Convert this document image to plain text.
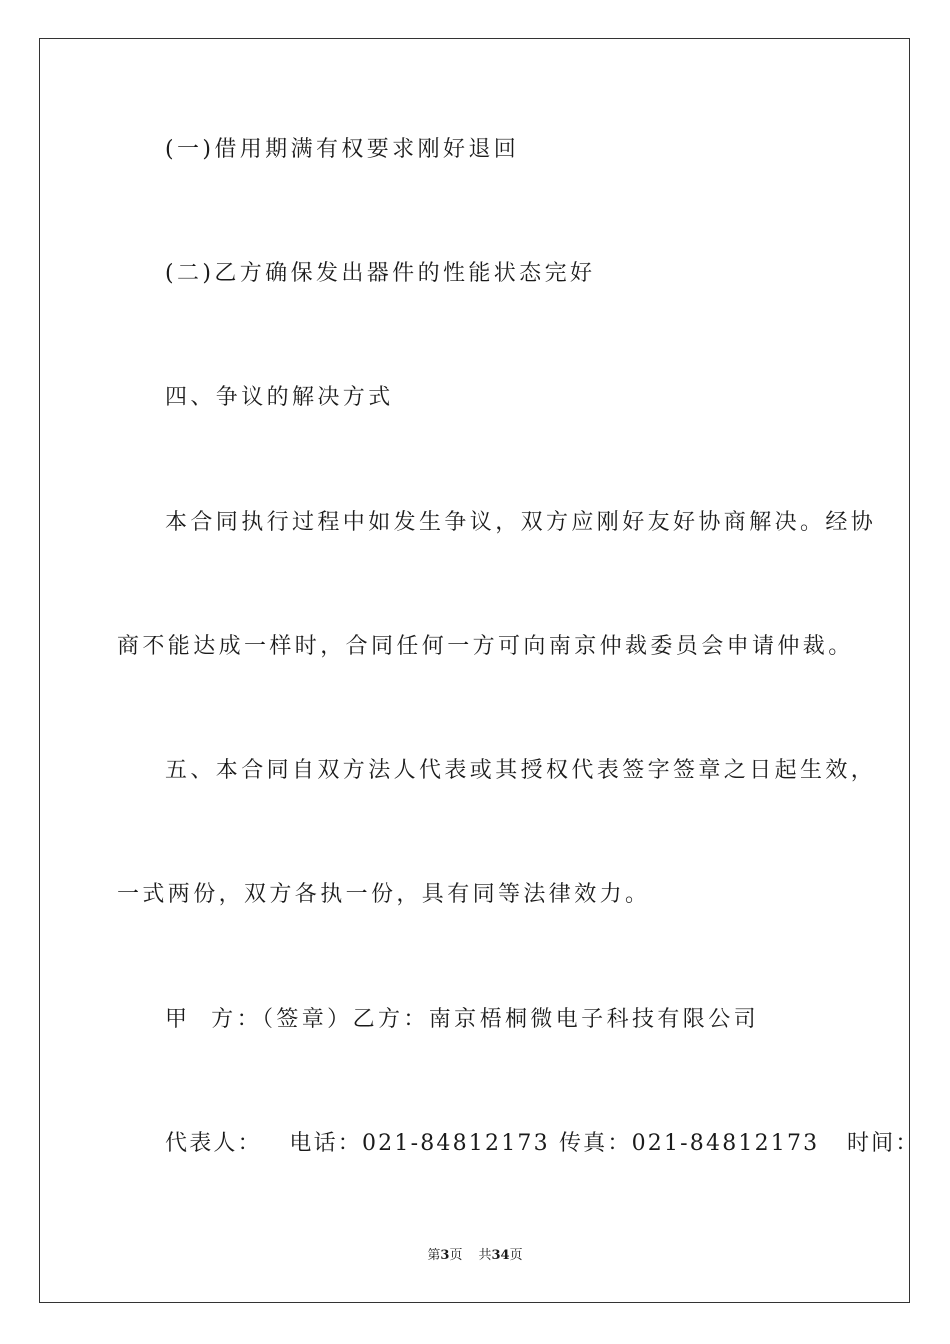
(一)借用期满有权要求刚好退回
(二)乙方确保发出器件的性能状态完好
四、争议的解决方式
本合同执行过程中如发生争议，双方应刚好友好协商解决。经协
商不能达成一样时，合同任何一方可向南京仲裁委员会申请仲裁。
五、本合同自双方法人代表或其授权代表签字签章之日起生效，
一式两份，双方各执一份，具有同等法律效力。
甲  方：（签章）乙方：南京梧桐微电子科技有限公司
代表人：   电话：021-84812173 传真：021-84812173   时间：
第3页 共34页
